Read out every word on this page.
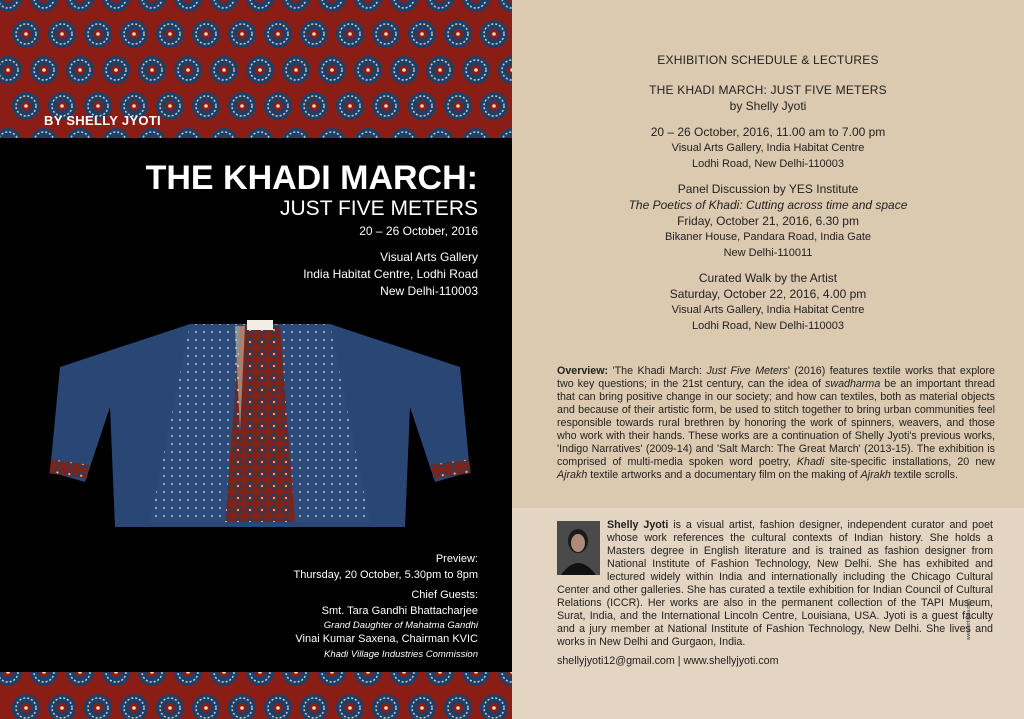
BY SHELLY JYOTI
THE KHADI MARCH:
JUST FIVE METERS
20 – 26 October, 2016
Visual Arts Gallery
India Habitat Centre, Lodhi Road
New Delhi-110003
Preview:
Thursday, 20 October, 5.30pm to 8pm
Chief Guests:
Smt. Tara Gandhi Bhattacharjee
Grand Daughter of Mahatma Gandhi
Vinai Kumar Saxena, Chairman KVIC
Khadi Village Industries Commission
EXHIBITION SCHEDULE & LECTURES
THE KHADI MARCH: JUST FIVE METERS
by Shelly Jyoti
20 – 26 October, 2016, 11.00 am to 7.00 pm
Visual Arts Gallery, India Habitat Centre
Lodhi Road, New Delhi-110003
Panel Discussion by YES Institute
The Poetics of Khadi: Cutting across time and space
Friday, October 21, 2016, 6.30 pm
Bikaner House, Pandara Road, India Gate
New Delhi-110011
Curated Walk by the Artist
Saturday, October 22, 2016, 4.00 pm
Visual Arts Gallery, India Habitat Centre
Lodhi Road, New Delhi-110003
Overview: 'The Khadi March: Just Five Meters' (2016) features textile works that explore two key questions; in the 21st century, can the idea of swadharma be an important thread that can bring positive change in our society; and how can textiles, both as material objects and because of their artistic form, be used to stitch together to bring urban communities feel responsible towards rural brethren by honoring the work of spinners, weavers, and those who work with their hands. These works are a continuation of Shelly Jyoti's previous works, 'Indigo Narratives' (2009-14) and 'Salt March: The Great March' (2013-15). The exhibition is comprised of multi-media spoken word poetry, Khadi site-specific installations, 20 new Ajrakh textile artworks and a documentary film on the making of Ajrakh textile scrolls.
Shelly Jyoti is a visual artist, fashion designer, independent curator and poet whose work references the cultural contexts of Indian history. She holds a Masters degree in English literature and is trained as fashion designer from National Institute of Fashion Technology, New Delhi. She has exhibited and lectured widely within India and internationally including the Chicago Cultural Center and other galleries. She has curated a textile exhibition for Indian Council of Cultural Relations (ICCR). Her works are also in the permanent collection of the TAPI Museum, Surat, India, and the International Lincoln Centre, Louisiana, USA. Jyoti is a guest faculty and a jury member at National Institute of Fashion Technology, New Delhi. She lives and works in New Delhi and Gurgaon, India.
shellyjyoti12@gmail.com | www.shellyjyoti.com
www.arrtindia.com
